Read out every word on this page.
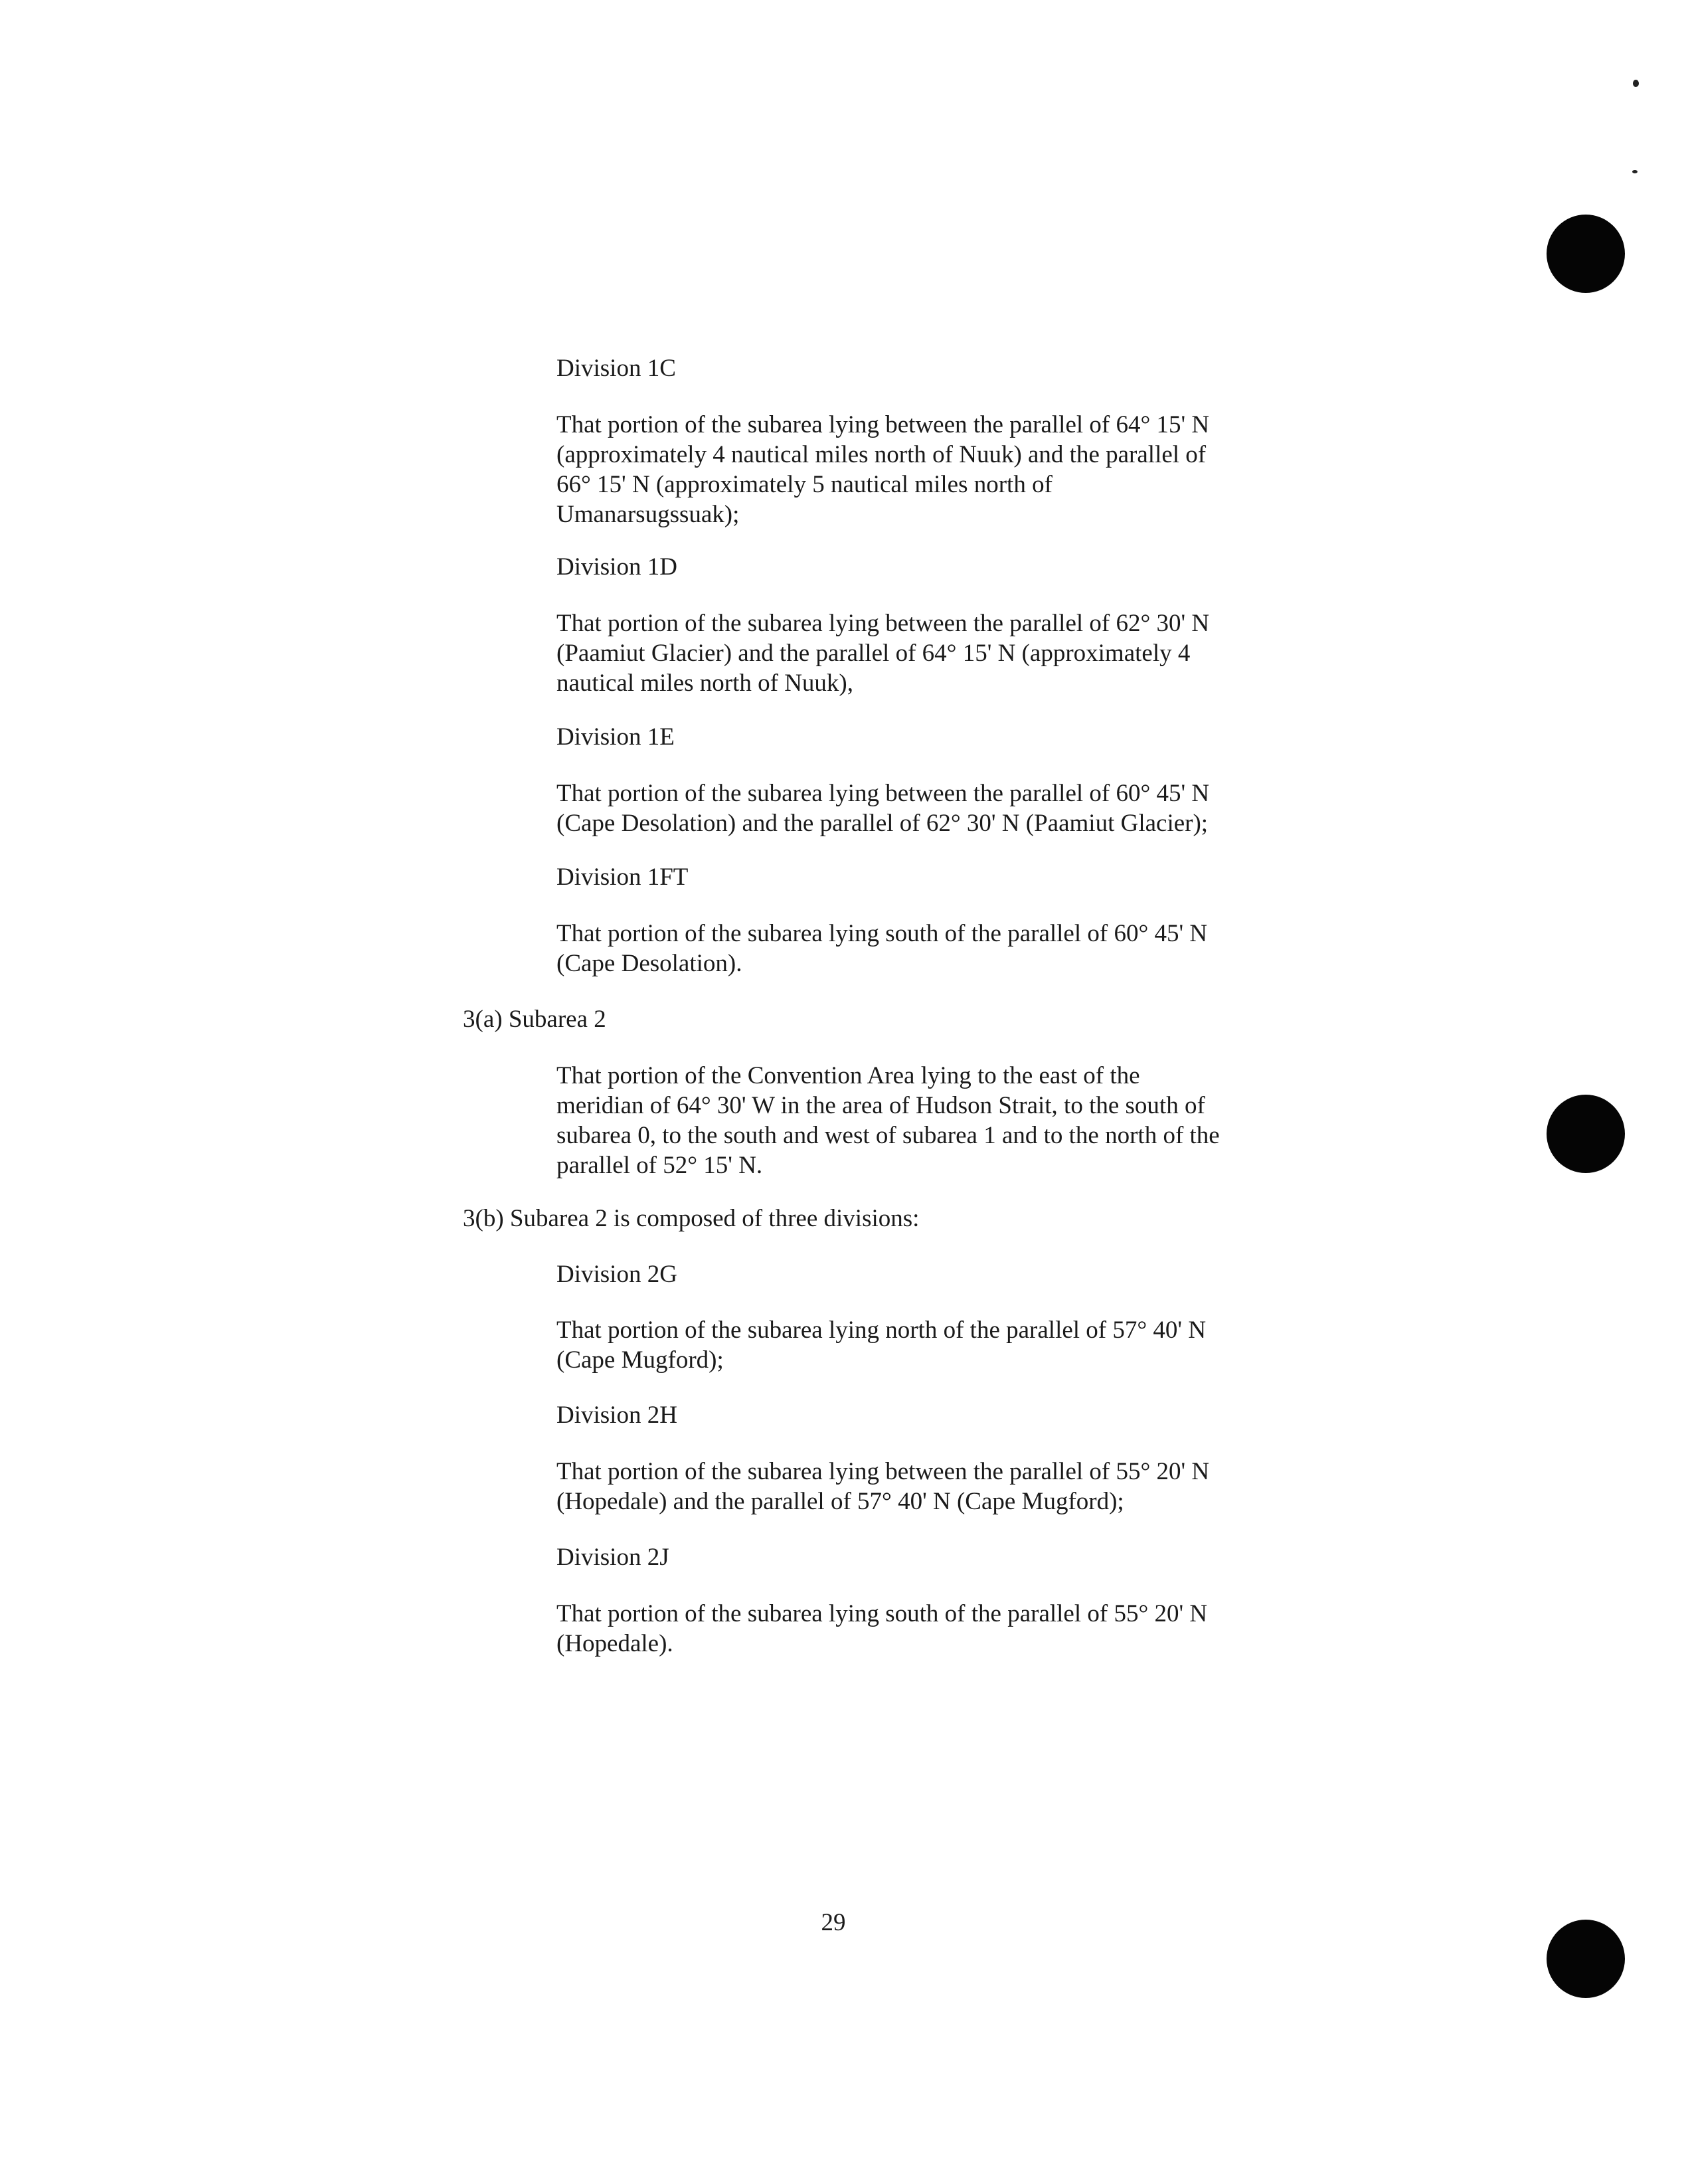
Division 1C
That portion of the subarea lying between the parallel of 64° 15' N
(approximately 4 nautical miles north of Nuuk) and the parallel of
66° 15' N (approximately 5 nautical miles north of
Umanarsugssuak);
Division 1D
That portion of the subarea lying between the parallel of 62° 30' N
(Paamiut Glacier) and the parallel of 64° 15' N (approximately 4
nautical miles north of Nuuk),
Division 1E
That portion of the subarea lying between the parallel of 60° 45' N
(Cape Desolation) and the parallel of 62° 30' N (Paamiut Glacier);
Division 1FT
That portion of the subarea lying south of the parallel of 60° 45' N
(Cape Desolation).
3(a) Subarea 2
That portion of the Convention Area lying to the east of the
meridian of 64° 30' W in the area of Hudson Strait, to the south of
subarea 0, to the south and west of subarea 1 and to the north of the
parallel of 52° 15' N.
3(b) Subarea 2 is composed of three divisions:
Division 2G
That portion of the subarea lying north of the parallel of 57° 40' N
(Cape Mugford);
Division 2H
That portion of the subarea lying between the parallel of 55° 20' N
(Hopedale) and the parallel of 57° 40' N (Cape Mugford);
Division 2J
That portion of the subarea lying south of the parallel of 55° 20' N
(Hopedale).
29
